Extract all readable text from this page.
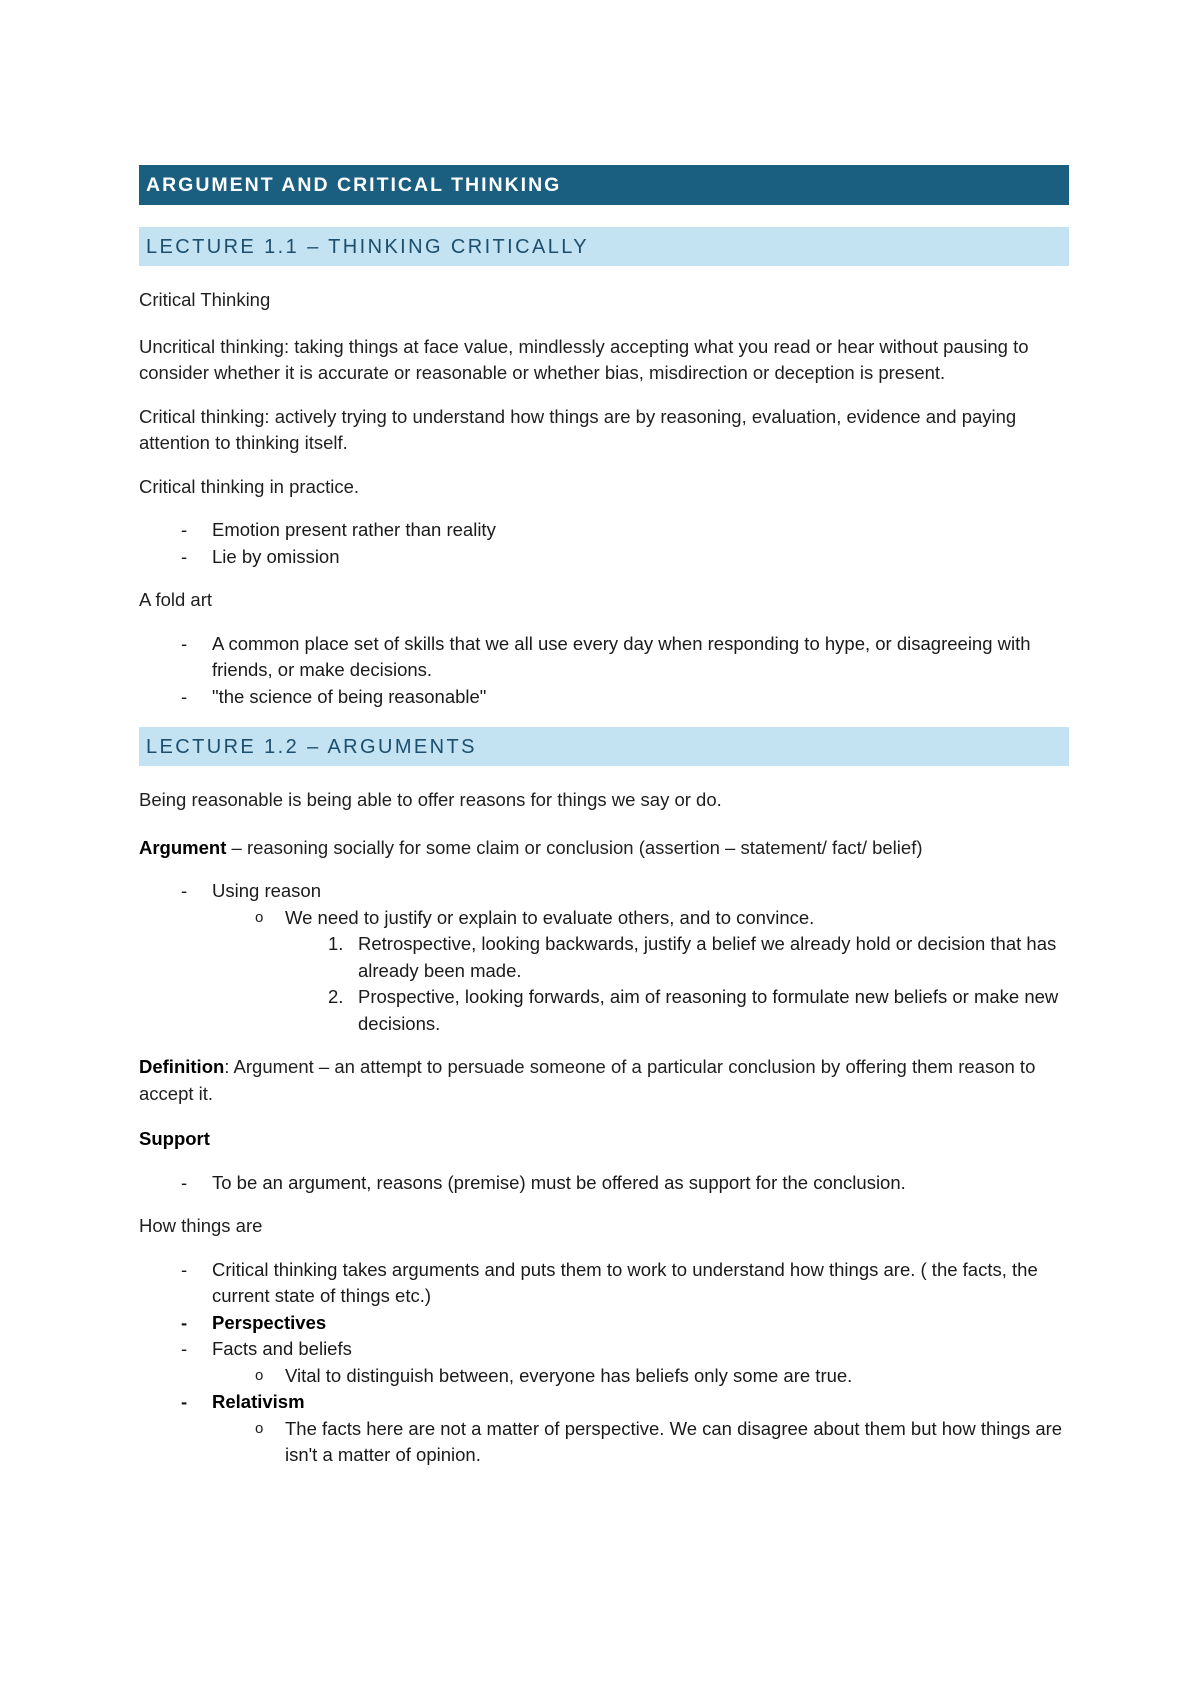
ARGUMENT AND CRITICAL THINKING
LECTURE 1.1 – THINKING CRITICALLY

Critical Thinking

Uncritical thinking: taking things at face value, mindlessly accepting what you read or hear without pausing to consider whether it is accurate or reasonable or whether bias, misdirection or deception is present.

Critical thinking: actively trying to understand how things are by reasoning, evaluation, evidence and paying attention to thinking itself.

Critical thinking in practice.

- Emotion present rather than reality
- Lie by omission

A fold art

- A common place set of skills that we all use every day when responding to hype, or disagreeing with friends, or make decisions.
- "the science of being reasonable"
LECTURE 1.2 – ARGUMENTS

Being reasonable is being able to offer reasons for things we say or do.

Argument – reasoning socially for some claim or conclusion (assertion – statement/ fact/ belief)

- Using reason
o We need to justify or explain to evaluate others, and to convince.
1. Retrospective, looking backwards, justify a belief we already hold or decision that has already been made.
2. Prospective, looking forwards, aim of reasoning to formulate new beliefs or make new decisions.

Definition: Argument – an attempt to persuade someone of a particular conclusion by offering them reason to accept it.

Support

- To be an argument, reasons (premise) must be offered as support for the conclusion.

How things are

- Critical thinking takes arguments and puts them to work to understand how things are. ( the facts, the current state of things etc.)
- Perspectives
- Facts and beliefs
o Vital to distinguish between, everyone has beliefs only some are true.
- Relativism
o The facts here are not a matter of perspective. We can disagree about them but how things are isn't a matter of opinion.
